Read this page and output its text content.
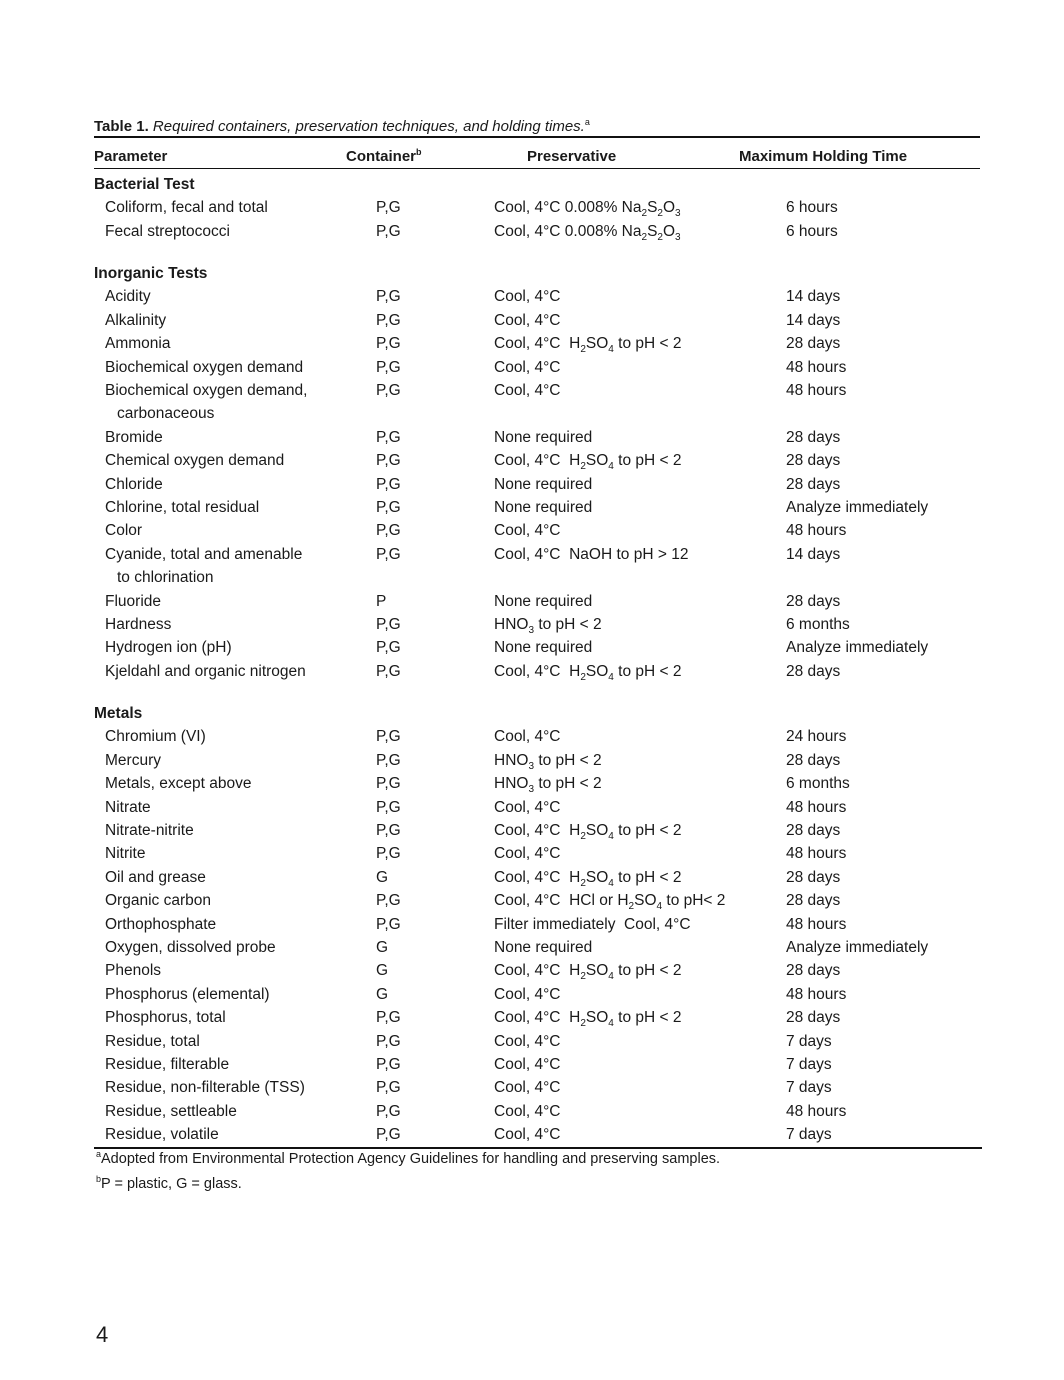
Table 1. Required containers, preservation techniques, and holding times.$^a$
Parameter	Container$^b$	Preservative	Maximum Holding Time
Bacterial Test
Coliform, fecal and total	P,G	Cool, 4°C 0.008% $Na_2S_2O_3$	6 hours
Fecal streptococci	P,G	Cool, 4°C 0.008% $Na_2S_2O_3$	6 hours
Inorganic Tests
Acidity	P,G	Cool, 4°C	14 days
Alkalinity	P,G	Cool, 4°C	14 days
Ammonia	P,G	Cool, 4°C  $H_2SO_4$ to pH < 2	28 days
Biochemical oxygen demand	P,G	Cool, 4°C	48 hours
Biochemical oxygen demand,
carbonaceous
P,G	Cool, 4°C	48 hours
Bromide	P,G	None required	28 days
Chemical oxygen demand	P,G	Cool, 4°C  $H_2SO_4$ to pH < 2	28 days
Chloride	P,G	None required	28 days
Chlorine, total residual	P,G	None required	Analyze immediately
Color	P,G	Cool, 4°C	48 hours
Cyanide, total and amenable
to chlorination
P,G	Cool, 4°C  NaOH to pH > 12	14 days
Fluoride	P	None required	28 days
Hardness	P,G	$HNO_3$ to pH < 2	6 months
Hydrogen ion (pH)	P,G	None required	Analyze immediately
Kjeldahl and organic nitrogen	P,G	Cool, 4°C  $H_2SO_4$ to pH < 2	28 days
Metals
Chromium (VI)	P,G	Cool, 4°C	24 hours
Mercury	P,G	$HNO_3$ to pH < 2	28 days
Metals, except above	P,G	$HNO_3$ to pH < 2	6 months
Nitrate	P,G	Cool, 4°C	48 hours
Nitrate-nitrite	P,G	Cool, 4°C  $H_2SO_4$ to pH < 2	28 days
Nitrite	P,G	Cool, 4°C	48 hours
Oil and grease	G	Cool, 4°C  $H_2SO_4$ to pH < 2	28 days
Organic carbon	P,G	Cool, 4°C  HCl or $H_2SO_4$ to pH< 2	28 days
Orthophosphate	P,G	Filter immediately  Cool, 4°C	48 hours
Oxygen, dissolved probe	G	None required	Analyze immediately
Phenols	G	Cool, 4°C  $H_2SO_4$ to pH < 2	28 days
Phosphorus (elemental)	G	Cool, 4°C	48 hours
Phosphorus, total	P,G	Cool, 4°C  $H_2SO_4$ to pH < 2	28 days
Residue, total	P,G	Cool, 4°C	7 days
Residue, filterable	P,G	Cool, 4°C	7 days
Residue, non-filterable (TSS)	P,G	Cool, 4°C	7 days
Residue, settleable	P,G	Cool, 4°C	48 hours
Residue, volatile	P,G	Cool, 4°C	7 days
$^a$Adopted from Environmental Protection Agency Guidelines for handling and preserving samples.
$^b$P = plastic, G = glass.
4
